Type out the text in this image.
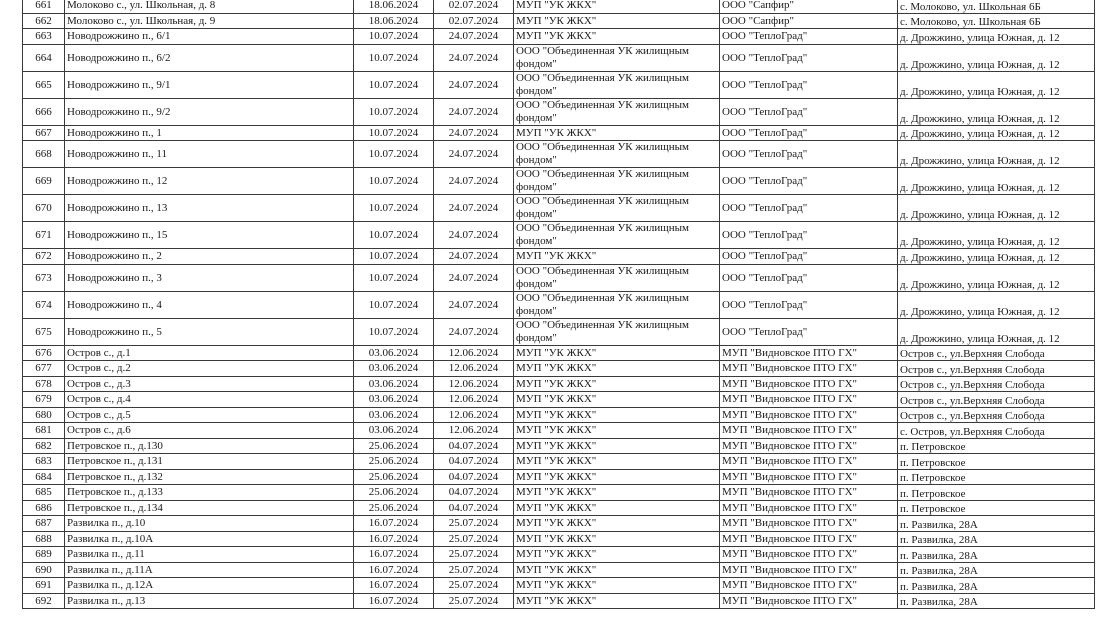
661	Молоково с., ул. Школьная, д. 8	18.06.2024	02.07.2024	МУП "УК ЖКХ"	ООО "Сапфир"	с. Молоково, ул. Школьная 6Б
662	Молоково с., ул. Школьная, д. 9	18.06.2024	02.07.2024	МУП "УК ЖКХ"	ООО "Сапфир"	с. Молоково, ул. Школьная 6Б
663	Новодрожжино п., 6/1	10.07.2024	24.07.2024	МУП "УК ЖКХ"	ООО "ТеплоГрад"	д. Дрожжино, улица Южная, д. 12
664	Новодрожжино п., 6/2	10.07.2024	24.07.2024	ООО "Объединенная УК жилищным фондом"	ООО "ТеплоГрад"	д. Дрожжино, улица Южная, д. 12
665	Новодрожжино п., 9/1	10.07.2024	24.07.2024	ООО "Объединенная УК жилищным фондом"	ООО "ТеплоГрад"	д. Дрожжино, улица Южная, д. 12
666	Новодрожжино п., 9/2	10.07.2024	24.07.2024	ООО "Объединенная УК жилищным фондом"	ООО "ТеплоГрад"	д. Дрожжино, улица Южная, д. 12
667	Новодрожжино п., 1	10.07.2024	24.07.2024	МУП "УК ЖКХ"	ООО "ТеплоГрад"	д. Дрожжино, улица Южная, д. 12
668	Новодрожжино п., 11	10.07.2024	24.07.2024	ООО "Объединенная УК жилищным фондом"	ООО "ТеплоГрад"	д. Дрожжино, улица Южная, д. 12
669	Новодрожжино п., 12	10.07.2024	24.07.2024	ООО "Объединенная УК жилищным фондом"	ООО "ТеплоГрад"	д. Дрожжино, улица Южная, д. 12
670	Новодрожжино п., 13	10.07.2024	24.07.2024	ООО "Объединенная УК жилищным фондом"	ООО "ТеплоГрад"	д. Дрожжино, улица Южная, д. 12
671	Новодрожжино п., 15	10.07.2024	24.07.2024	ООО "Объединенная УК жилищным фондом"	ООО "ТеплоГрад"	д. Дрожжино, улица Южная, д. 12
672	Новодрожжино п., 2	10.07.2024	24.07.2024	МУП "УК ЖКХ"	ООО "ТеплоГрад"	д. Дрожжино, улица Южная, д. 12
673	Новодрожжино п., 3	10.07.2024	24.07.2024	ООО "Объединенная УК жилищным фондом"	ООО "ТеплоГрад"	д. Дрожжино, улица Южная, д. 12
674	Новодрожжино п., 4	10.07.2024	24.07.2024	ООО "Объединенная УК жилищным фондом"	ООО "ТеплоГрад"	д. Дрожжино, улица Южная, д. 12
675	Новодрожжино п., 5	10.07.2024	24.07.2024	ООО "Объединенная УК жилищным фондом"	ООО "ТеплоГрад"	д. Дрожжино, улица Южная, д. 12
676	Остров с., д.1	03.06.2024	12.06.2024	МУП "УК ЖКХ"	МУП "Видновское ПТО ГХ"	Остров с., ул.Верхняя Слобода
677	Остров с., д.2	03.06.2024	12.06.2024	МУП "УК ЖКХ"	МУП "Видновское ПТО ГХ"	Остров с., ул.Верхняя Слобода
678	Остров с., д.3	03.06.2024	12.06.2024	МУП "УК ЖКХ"	МУП "Видновское ПТО ГХ"	Остров с., ул.Верхняя Слобода
679	Остров с., д.4	03.06.2024	12.06.2024	МУП "УК ЖКХ"	МУП "Видновское ПТО ГХ"	Остров с., ул.Верхняя Слобода
680	Остров с., д.5	03.06.2024	12.06.2024	МУП "УК ЖКХ"	МУП "Видновское ПТО ГХ"	Остров с., ул.Верхняя Слобода
681	Остров с., д.6	03.06.2024	12.06.2024	МУП "УК ЖКХ"	МУП "Видновское ПТО ГХ"	с. Остров, ул.Верхняя Слобода
682	Петровское п., д.130	25.06.2024	04.07.2024	МУП "УК ЖКХ"	МУП "Видновское ПТО ГХ"	п. Петровское
683	Петровское п., д.131	25.06.2024	04.07.2024	МУП "УК ЖКХ"	МУП "Видновское ПТО ГХ"	п. Петровское
684	Петровское п., д.132	25.06.2024	04.07.2024	МУП "УК ЖКХ"	МУП "Видновское ПТО ГХ"	п. Петровское
685	Петровское п., д.133	25.06.2024	04.07.2024	МУП "УК ЖКХ"	МУП "Видновское ПТО ГХ"	п. Петровское
686	Петровское п., д.134	25.06.2024	04.07.2024	МУП "УК ЖКХ"	МУП "Видновское ПТО ГХ"	п. Петровское
687	Развилка п., д.10	16.07.2024	25.07.2024	МУП "УК ЖКХ"	МУП "Видновское ПТО ГХ"	п. Развилка, 28А
688	Развилка п., д.10А	16.07.2024	25.07.2024	МУП "УК ЖКХ"	МУП "Видновское ПТО ГХ"	п. Развилка, 28А
689	Развилка п., д.11	16.07.2024	25.07.2024	МУП "УК ЖКХ"	МУП "Видновское ПТО ГХ"	п. Развилка, 28А
690	Развилка п., д.11А	16.07.2024	25.07.2024	МУП "УК ЖКХ"	МУП "Видновское ПТО ГХ"	п. Развилка, 28А
691	Развилка п., д.12А	16.07.2024	25.07.2024	МУП "УК ЖКХ"	МУП "Видновское ПТО ГХ"	п. Развилка, 28А
692	Развилка п., д.13	16.07.2024	25.07.2024	МУП "УК ЖКХ"	МУП "Видновское ПТО ГХ"	п. Развилка, 28А
